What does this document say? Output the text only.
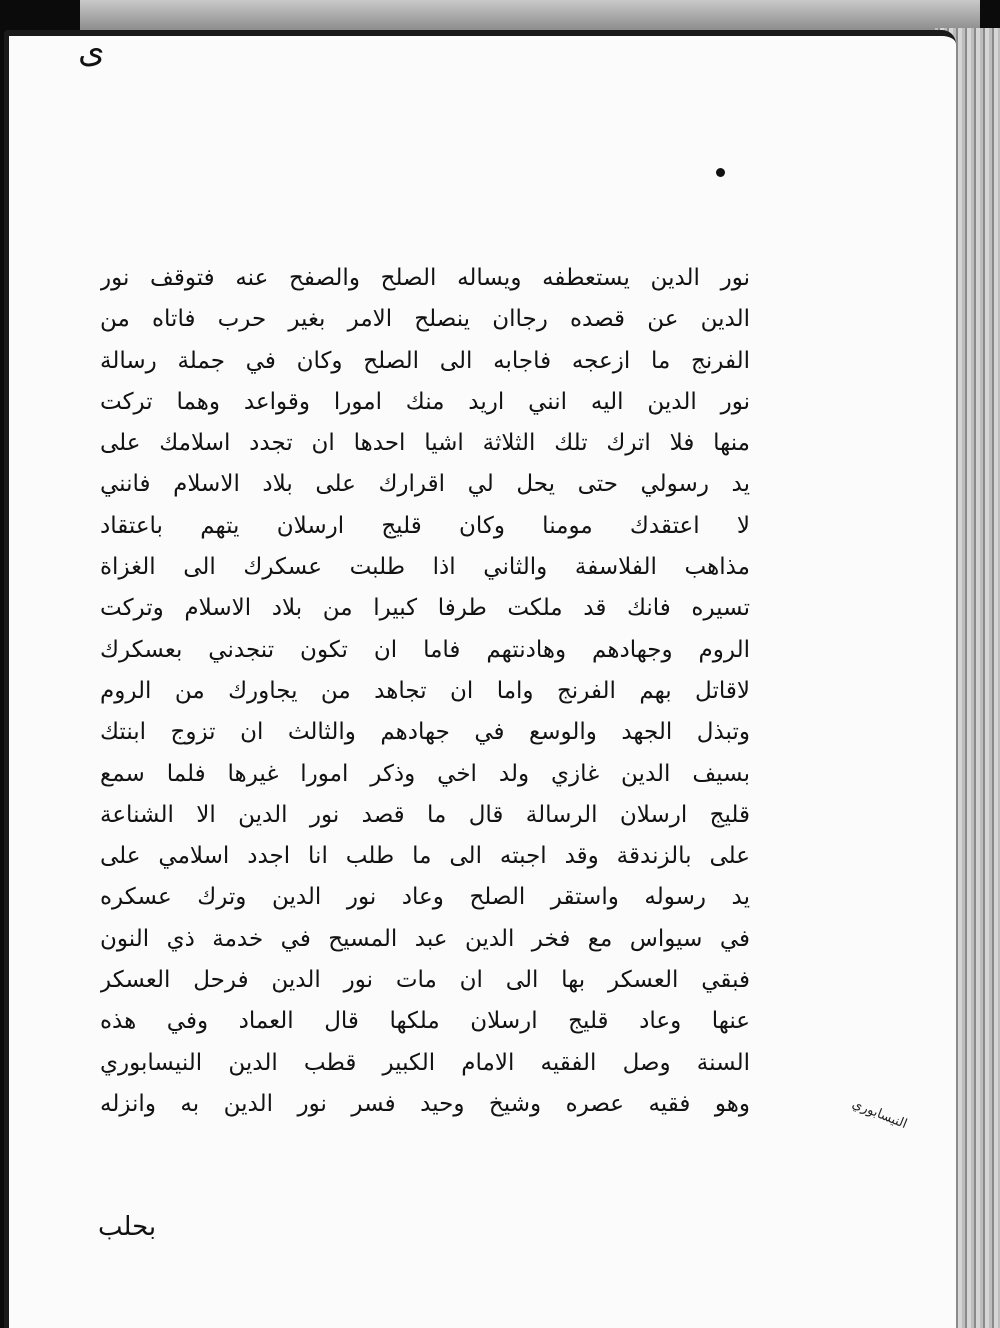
ﻯ
نور الدين يستعطفه ويساله الصلح والصفح عنه فتوقف نور
الدين عن قصده رجاان ينصلح الامر بغير حرب فاتاه من
الفرنج ما ازعجه فاجابه الى الصلح وكان في جملة رسالة
نور الدين اليه انني اريد منك امورا وقواعد وهما تركت
منها فلا اترك تلك الثلاثة اشيا احدها ان تجدد اسلامك على
يد رسولي حتى يحل لي اقرارك على بلاد الاسلام فانني
لا اعتقدك مومنا وكان قليج ارسلان يتهم باعتقاد
مذاهب الفلاسفة والثاني اذا طلبت عسكرك الى الغزاة
تسيره فانك قد ملكت طرفا كبيرا من بلاد الاسلام وتركت
الروم وجهادهم وهادنتهم فاما ان تكون تنجدني بعسكرك
لاقاتل بهم الفرنج واما ان تجاهد من يجاورك من الروم
وتبذل الجهد والوسع في جهادهم والثالث ان تزوج ابنتك
بسيف الدين غازي ولد اخي وذكر امورا غيرها فلما سمع
قليج ارسلان الرسالة قال ما قصد نور الدين الا الشناعة
على بالزندقة وقد اجبته الى ما طلب انا اجدد اسلامي على
يد رسوله واستقر الصلح وعاد نور الدين وترك عسكره
في سيواس مع فخر الدين عبد المسيح في خدمة ذي النون
فبقي العسكر بها الى ان مات نور الدين فرحل العسكر
عنها وعاد قليج ارسلان ملكها قال العماد وفي هذه
السنة وصل الفقيه الامام الكبير قطب الدين النيسابوري
وهو فقيه عصره وشيخ وحيد فسر نور الدين به وانزله	النيسابوري
بحلب
